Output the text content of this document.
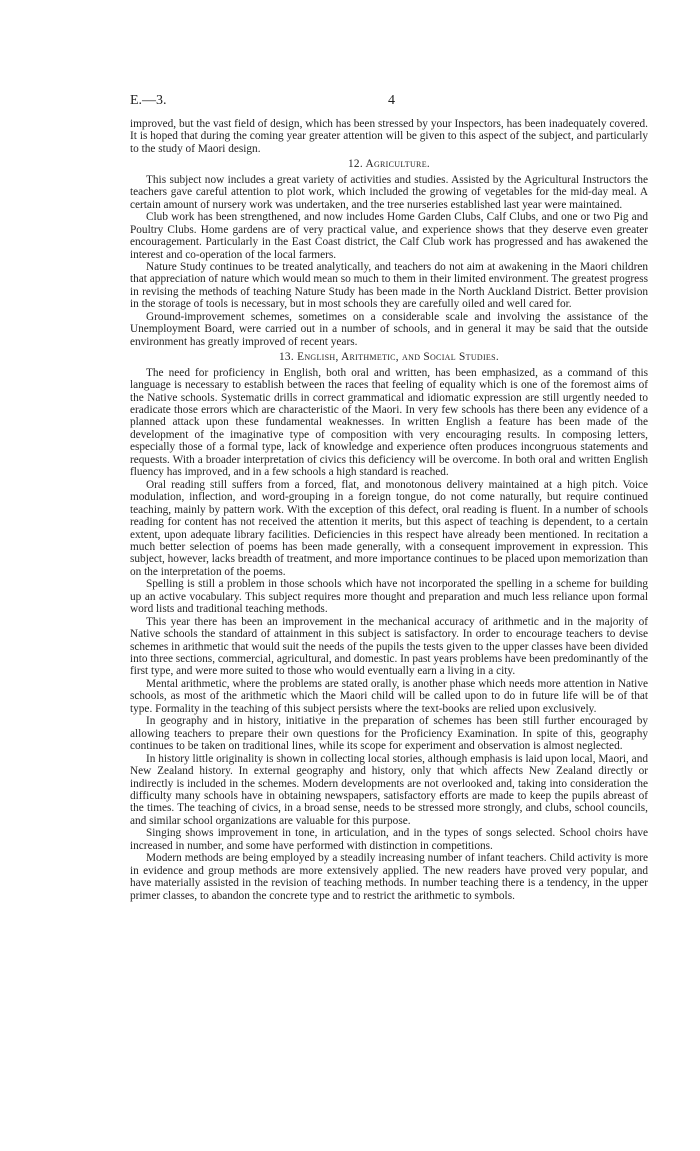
E.—3.	4

improved, but the vast field of design, which has been stressed by your Inspectors, has been inadequately covered. It is hoped that during the coming year greater attention will be given to this aspect of the subject, and particularly to the study of Maori design.

12. Agriculture.

This subject now includes a great variety of activities and studies. Assisted by the Agricultural Instructors the teachers gave careful attention to plot work, which included the growing of vegetables for the mid-day meal. A certain amount of nursery work was undertaken, and the tree nurseries established last year were maintained.

Club work has been strengthened, and now includes Home Garden Clubs, Calf Clubs, and one or two Pig and Poultry Clubs. Home gardens are of very practical value, and experience shows that they deserve even greater encouragement. Particularly in the East Coast district, the Calf Club work has progressed and has awakened the interest and co-operation of the local farmers.

Nature Study continues to be treated analytically, and teachers do not aim at awakening in the Maori children that appreciation of nature which would mean so much to them in their limited environment. The greatest progress in revising the methods of teaching Nature Study has been made in the North Auckland District. Better provision in the storage of tools is necessary, but in most schools they are carefully oiled and well cared for.

Ground-improvement schemes, sometimes on a considerable scale and involving the assistance of the Unemployment Board, were carried out in a number of schools, and in general it may be said that the outside environment has greatly improved of recent years.

13. English, Arithmetic, and Social Studies.

The need for proficiency in English, both oral and written, has been emphasized, as a command of this language is necessary to establish between the races that feeling of equality which is one of the foremost aims of the Native schools. Systematic drills in correct grammatical and idiomatic expression are still urgently needed to eradicate those errors which are characteristic of the Maori. In very few schools has there been any evidence of a planned attack upon these fundamental weaknesses. In written English a feature has been made of the development of the imaginative type of composition with very encouraging results. In composing letters, especially those of a formal type, lack of knowledge and experience often produces incongruous statements and requests. With a broader interpretation of civics this deficiency will be overcome. In both oral and written English fluency has improved, and in a few schools a high standard is reached.

Oral reading still suffers from a forced, flat, and monotonous delivery maintained at a high pitch. Voice modulation, inflection, and word-grouping in a foreign tongue, do not come naturally, but require continued teaching, mainly by pattern work. With the exception of this defect, oral reading is fluent. In a number of schools reading for content has not received the attention it merits, but this aspect of teaching is dependent, to a certain extent, upon adequate library facilities. Deficiencies in this respect have already been mentioned. In recitation a much better selection of poems has been made generally, with a consequent improvement in expression. This subject, however, lacks breadth of treatment, and more importance continues to be placed upon memorization than on the interpretation of the poems.

Spelling is still a problem in those schools which have not incorporated the spelling in a scheme for building up an active vocabulary. This subject requires more thought and preparation and much less reliance upon formal word lists and traditional teaching methods.

This year there has been an improvement in the mechanical accuracy of arithmetic and in the majority of Native schools the standard of attainment in this subject is satisfactory. In order to encourage teachers to devise schemes in arithmetic that would suit the needs of the pupils the tests given to the upper classes have been divided into three sections, commercial, agricultural, and domestic. In past years problems have been predominantly of the first type, and were more suited to those who would eventually earn a living in a city.

Mental arithmetic, where the problems are stated orally, is another phase which needs more attention in Native schools, as most of the arithmetic which the Maori child will be called upon to do in future life will be of that type. Formality in the teaching of this subject persists where the text-books are relied upon exclusively.

In geography and in history, initiative in the preparation of schemes has been still further encouraged by allowing teachers to prepare their own questions for the Proficiency Examination. In spite of this, geography continues to be taken on traditional lines, while its scope for experiment and observation is almost neglected.

In history little originality is shown in collecting local stories, although emphasis is laid upon local, Maori, and New Zealand history. In external geography and history, only that which affects New Zealand directly or indirectly is included in the schemes. Modern developments are not overlooked and, taking into consideration the difficulty many schools have in obtaining newspapers, satisfactory efforts are made to keep the pupils abreast of the times. The teaching of civics, in a broad sense, needs to be stressed more strongly, and clubs, school councils, and similar school organizations are valuable for this purpose.

Singing shows improvement in tone, in articulation, and in the types of songs selected. School choirs have increased in number, and some have performed with distinction in competitions.

Modern methods are being employed by a steadily increasing number of infant teachers. Child activity is more in evidence and group methods are more extensively applied. The new readers have proved very popular, and have materially assisted in the revision of teaching methods. In number teaching there is a tendency, in the upper primer classes, to abandon the concrete type and to restrict the arithmetic to symbols.
